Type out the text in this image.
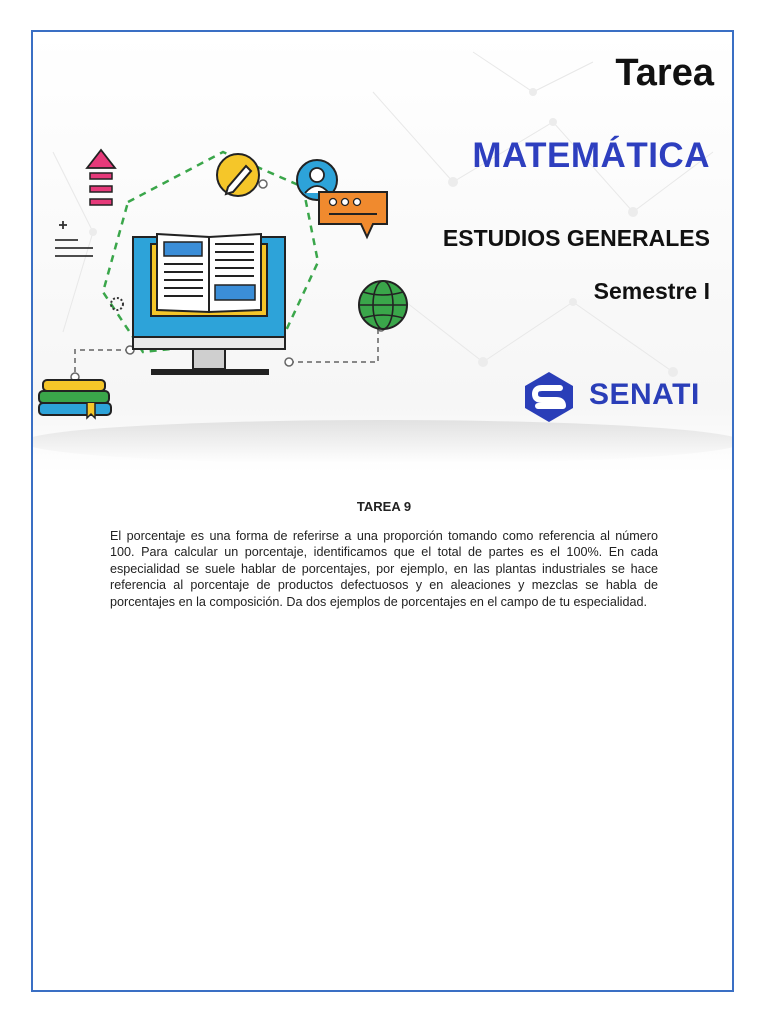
Tarea
MATEMÁTICA
ESTUDIOS GENERALES
Semestre I
SENATI
TAREA 9

El porcentaje es una forma de referirse a una proporción tomando como referencia al número 100. Para calcular un porcentaje, identificamos que el total de partes es el 100%. En cada especialidad se suele hablar de porcentajes, por ejemplo, en las plantas industriales se hace referencia al porcentaje de productos defectuosos y en aleaciones y mezclas se habla de porcentajes en la composición. Da dos ejemplos de porcentajes en el campo de tu especialidad.
